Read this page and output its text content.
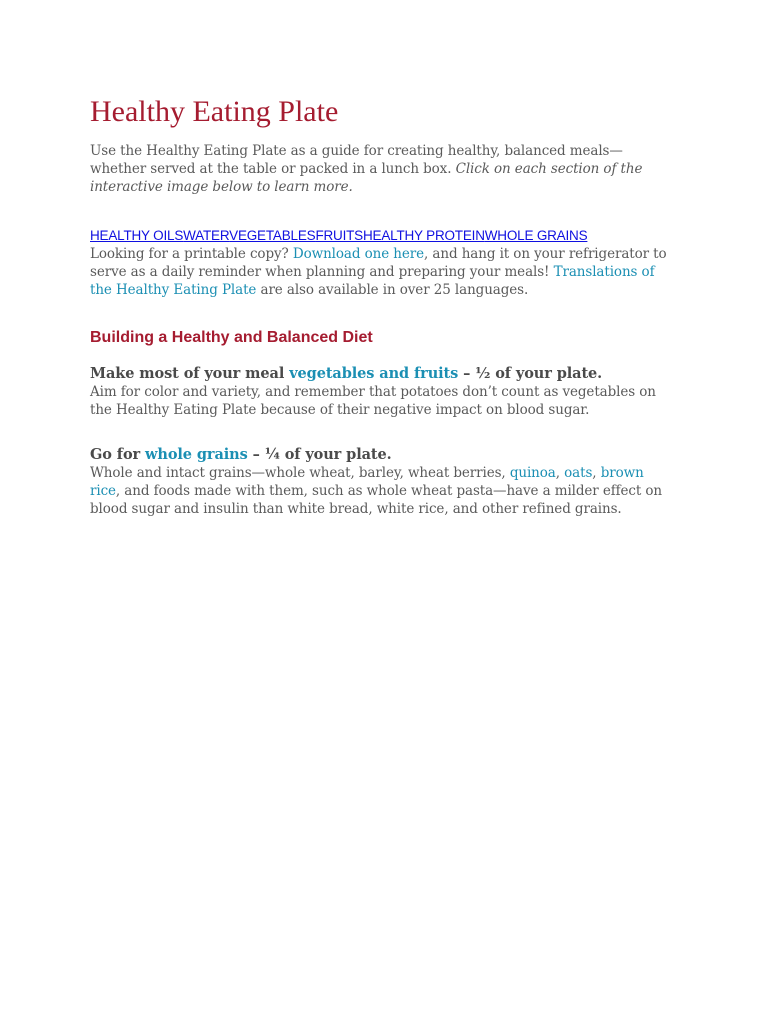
Healthy Eating Plate

Use the Healthy Eating Plate as a guide for creating healthy, balanced meals—whether served at the table or packed in a lunch box. Click on each section of the interactive image below to learn more.

HEALTHY OILSWATERVEGETABLESFRUITSHEALTHY PROTEINWHOLE GRAINS

Looking for a printable copy? Download one here, and hang it on your refrigerator to serve as a daily reminder when planning and preparing your meals! Translations of the Healthy Eating Plate are also available in over 25 languages.

Building a Healthy and Balanced Diet

Make most of your meal vegetables and fruits – ½ of your plate.

Aim for color and variety, and remember that potatoes don’t count as vegetables on the Healthy Eating Plate because of their negative impact on blood sugar.

Go for whole grains – ¼ of your plate.

Whole and intact grains—whole wheat, barley, wheat berries, quinoa, oats, brown rice, and foods made with them, such as whole wheat pasta—have a milder effect on blood sugar and insulin than white bread, white rice, and other refined grains.
